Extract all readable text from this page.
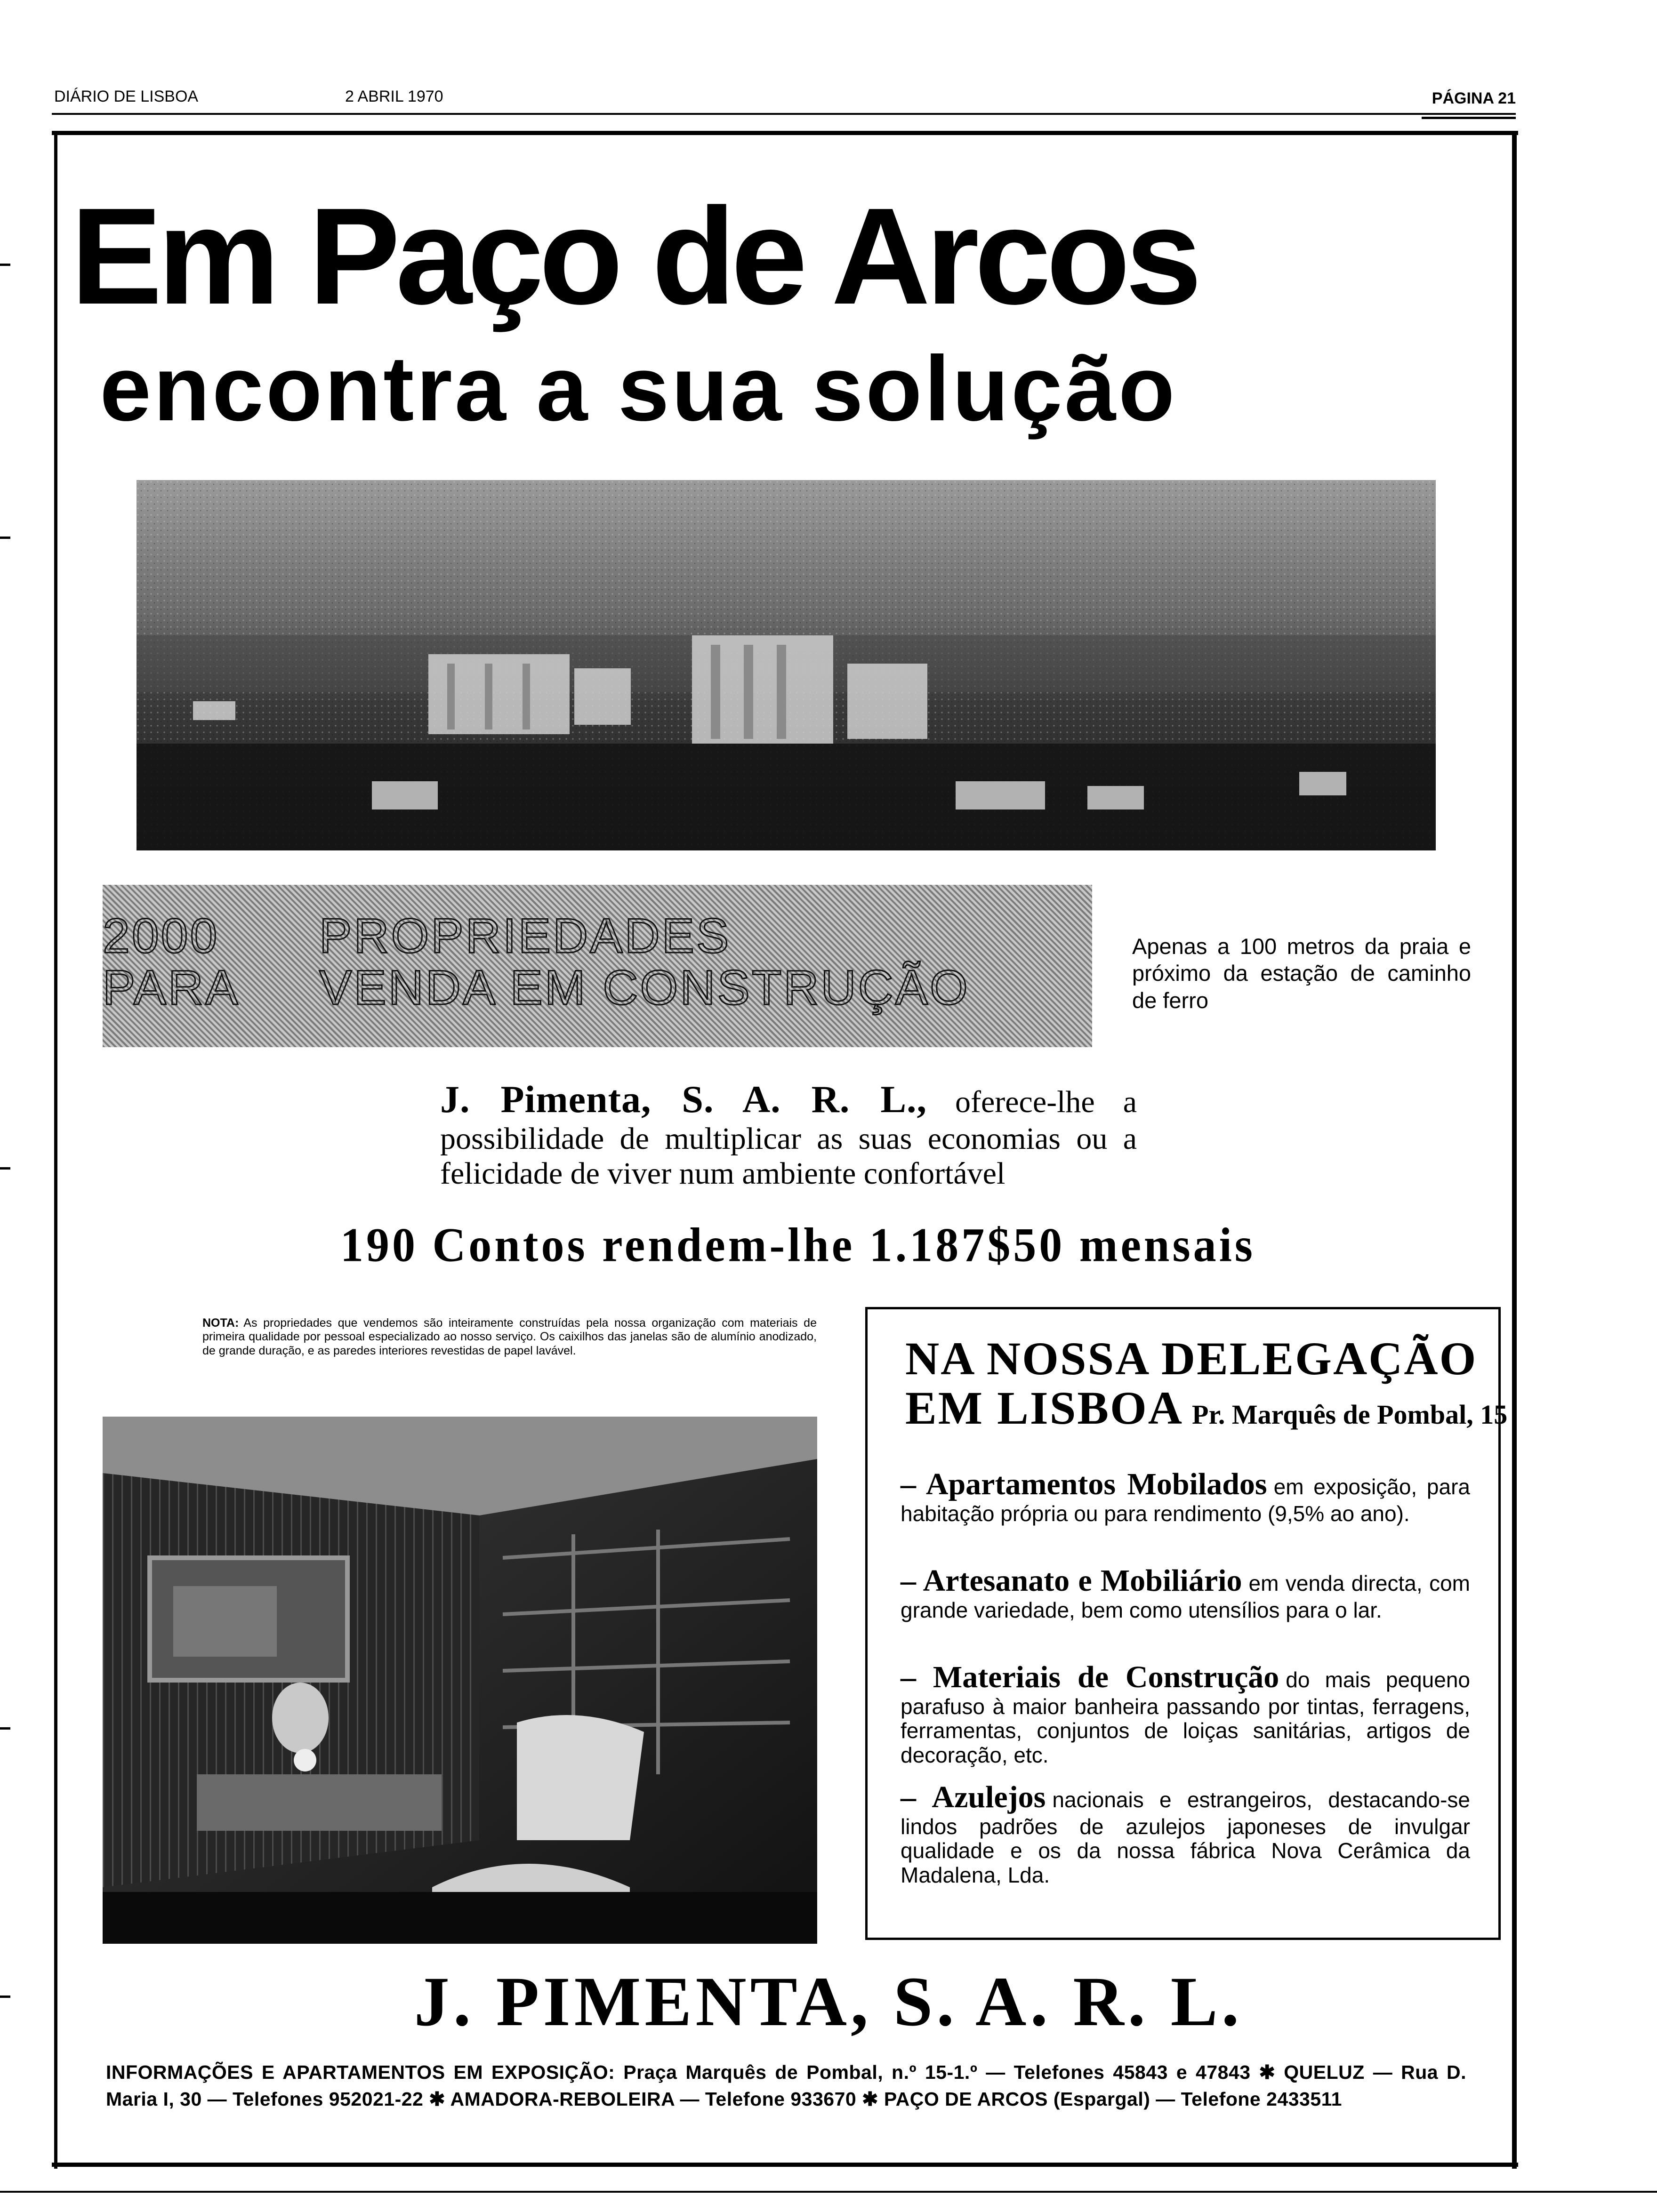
DIÁRIO DE LISBOA	2 ABRIL 1970	PÁGINA 21
Em Paço de Arcos
encontra a sua solução
2000 PROPRIEDADES
PARA VENDA EM CONSTRUÇÃO
Apenas a 100 metros da praia e próximo da estação de caminho de ferro

J. Pimenta, S. A. R. L., oferece-lhe a possibilidade de multiplicar as suas economias ou a felicidade de viver num ambiente confortável

190 Contos rendem-lhe 1.187$50 mensais

NOTA: As propriedades que vendemos são inteiramente construídas pela nossa organização com materiais de primeira qualidade por pessoal especializado ao nosso serviço. Os caixilhos das janelas são de alumínio anodizado, de grande duração, e as paredes interiores revestidas de papel lavável.	NA NOSSA DELEGAÇÃO
EM LISBOA Pr. Marquês de Pombal, 15
– Apartamentos Mobilados em exposição, para habitação própria ou para rendimento (9,5% ao ano).
– Artesanato e Mobiliário em venda directa, com grande variedade, bem como utensílios para o lar.
– Materiais de Construção do mais pequeno parafuso à maior banheira passando por tintas, ferragens, ferramentas, conjuntos de loiças sanitárias, artigos de decoração, etc.
– Azulejos nacionais e estrangeiros, destacando-se lindos padrões de azulejos japoneses de invulgar qualidade e os da nossa fábrica Nova Cerâmica da Madalena, Lda.
J. PIMENTA, S. A. R. L.
INFORMAÇÕES E APARTAMENTOS EM EXPOSIÇÃO: Praça Marquês de Pombal, n.º 15-1.º — Telefones 45843 e 47843 ✱ QUELUZ — Rua D. Maria I, 30 — Telefones 952021-22 ✱ AMADORA-REBOLEIRA — Telefone 933670 ✱ PAÇO DE ARCOS (Espargal) — Telefone 2433511
